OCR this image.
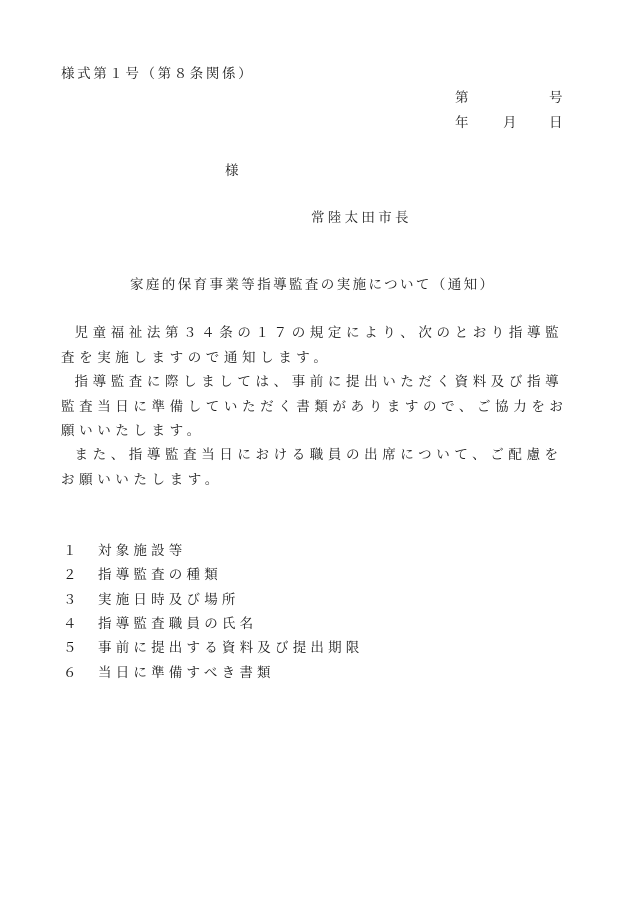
様式第１号（第８条関係）
第	号
年 月 日
様
常陸太田市長
家庭的保育事業等指導監査の実施について（通知）
児童福祉法第３４条の１７の規定により、次のとおり指導監査を実施しますので通知します。
指導監査に際しましては、事前に提出いただく資料及び指導監査当日に準備していただく書類がありますので、ご協力をお願いいたします。
また、指導監査当日における職員の出席について、ご配慮をお願いいたします。
１	対象施設等
２	指導監査の種類
３	実施日時及び場所
４	指導監査職員の氏名
５	事前に提出する資料及び提出期限
６	当日に準備すべき書類
